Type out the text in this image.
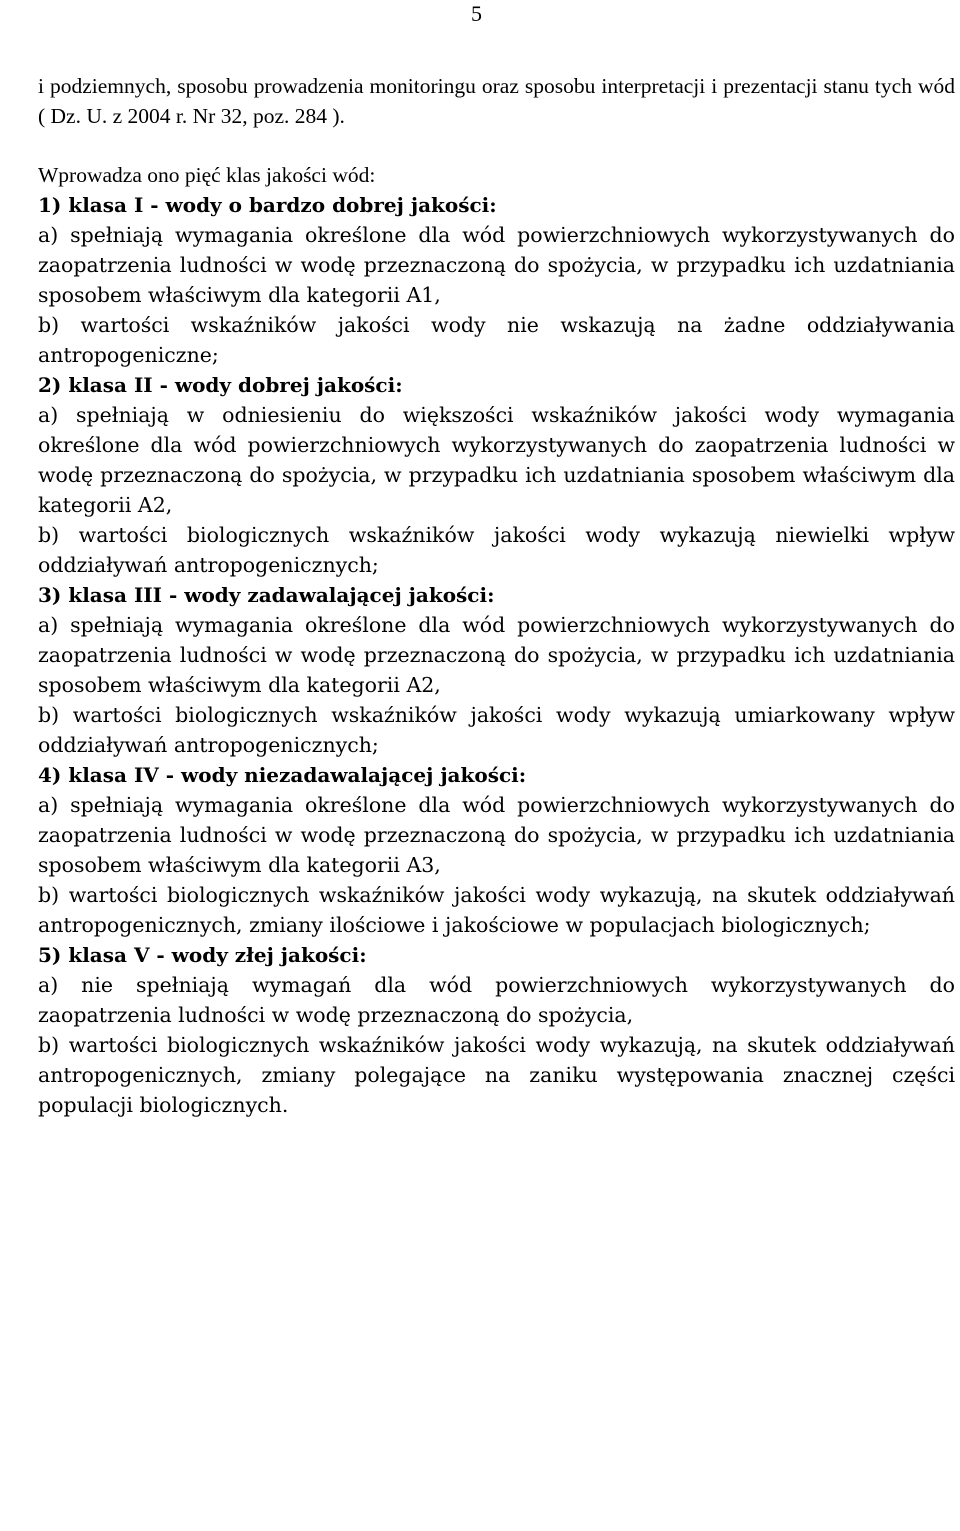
5

i podziemnych, sposobu prowadzenia monitoringu oraz sposobu interpretacji i prezentacji stanu tych wód ( Dz. U. z 2004 r. Nr 32, poz. 284 ).

Wprowadza ono pięć klas jakości wód:

1) klasa I - wody o bardzo dobrej jakości:

a) spełniają wymagania określone dla wód powierzchniowych wykorzystywanych do zaopatrzenia ludności w wodę przeznaczoną do spożycia, w przypadku ich uzdatniania sposobem właściwym dla kategorii A1,

b) wartości wskaźników jakości wody nie wskazują na żadne oddziaływania antropogeniczne;

2) klasa II - wody dobrej jakości:

a) spełniają w odniesieniu do większości wskaźników jakości wody wymagania określone dla wód powierzchniowych wykorzystywanych do zaopatrzenia ludności w wodę przeznaczoną do spożycia, w przypadku ich uzdatniania sposobem właściwym dla kategorii A2,

b) wartości biologicznych wskaźników jakości wody wykazują niewielki wpływ oddziaływań antropogenicznych;

3) klasa III - wody zadawalającej jakości:

a) spełniają wymagania określone dla wód powierzchniowych wykorzystywanych do zaopatrzenia ludności w wodę przeznaczoną do spożycia, w przypadku ich uzdatniania sposobem właściwym dla kategorii A2,

b) wartości biologicznych wskaźników jakości wody wykazują umiarkowany wpływ oddziaływań antropogenicznych;

4) klasa IV - wody niezadawalającej jakości:

a) spełniają wymagania określone dla wód powierzchniowych wykorzystywanych do zaopatrzenia ludności w wodę przeznaczoną do spożycia, w przypadku ich uzdatniania sposobem właściwym dla kategorii A3,

b) wartości biologicznych wskaźników jakości wody wykazują, na skutek oddziaływań antropogenicznych, zmiany ilościowe i jakościowe w populacjach biologicznych;

5) klasa V - wody złej jakości:

a) nie spełniają wymagań dla wód powierzchniowych wykorzystywanych do zaopatrzenia ludności w wodę przeznaczoną do spożycia,

b) wartości biologicznych wskaźników jakości wody wykazują, na skutek oddziaływań antropogenicznych, zmiany polegające na zaniku występowania znacznej części populacji biologicznych.
